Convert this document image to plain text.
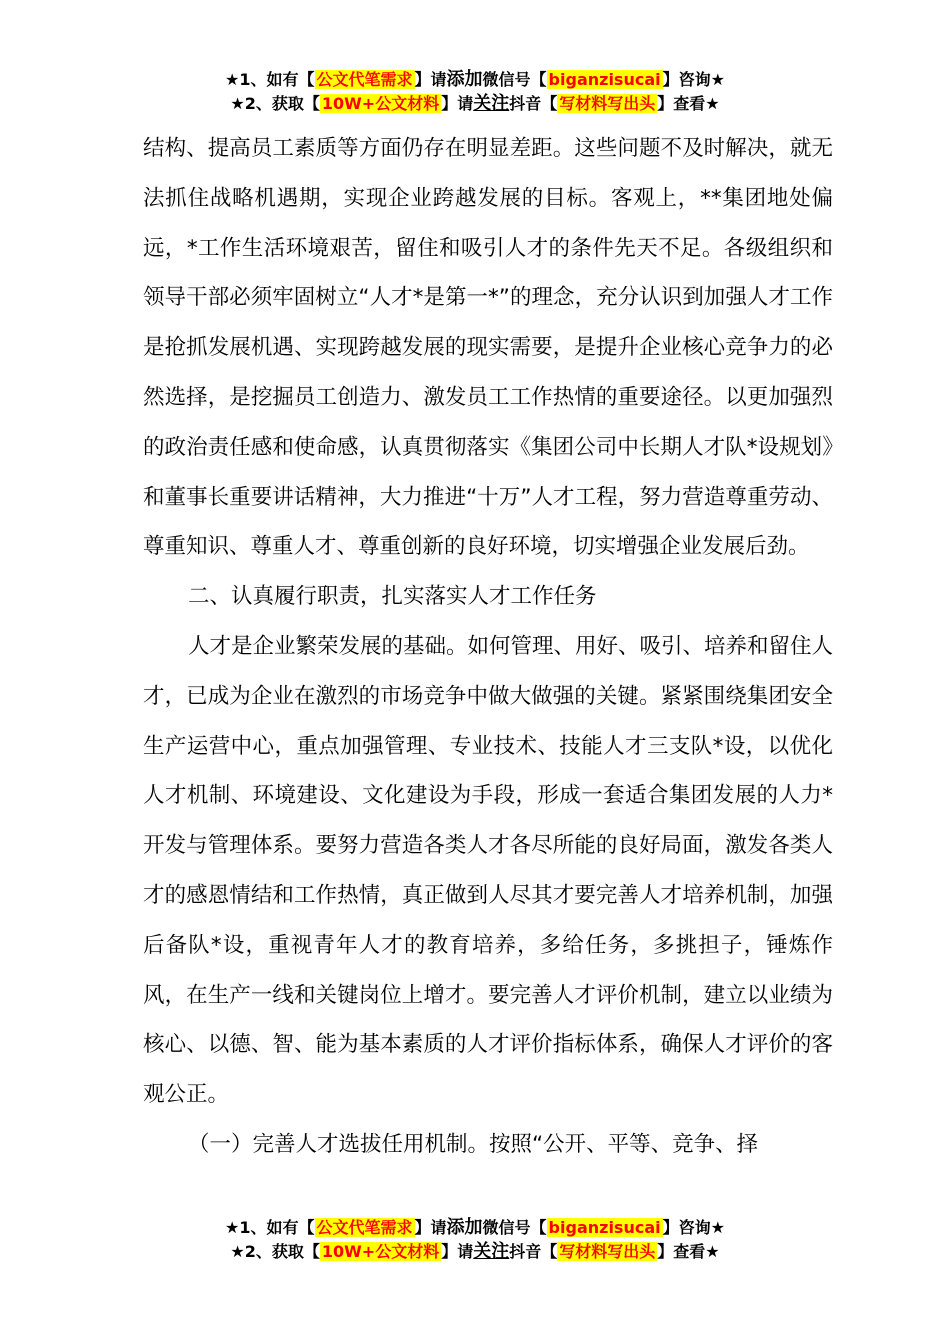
★1、如有【 公文代笔需求 】请添加微信号【 biganzisucai 】咨询★
★2、获取【 10W+公文材料 】请关注抖音【 写材料写出头 】查看★

结构、提高员工素质等方面仍存在明显差距。这些问题不及时解决，就无法抓住战略机遇期，实现企业跨越发展的目标。客观上，**集团地处偏远，*工作生活环境艰苦，留住和吸引人才的条件先天不足。各级组织和领导干部必须牢固树立“人才*是第一*”的理念，充分认识到加强人才工作是抢抓发展机遇、实现跨越发展的现实需要，是提升企业核心竞争力的必然选择，是挖掘员工创造力、激发员工工作热情的重要途径。以更加强烈的政治责任感和使命感，认真贯彻落实《集团公司中长期人才队*设规划》和董事长重要讲话精神，大力推进“十万”人才工程，努力营造尊重劳动、尊重知识、尊重人才、尊重创新的良好环境，切实增强企业发展后劲。

二、认真履行职责，扎实落实人才工作任务

人才是企业繁荣发展的基础。如何管理、用好、吸引、培养和留住人才，已成为企业在激烈的市场竞争中做大做强的关键。紧紧围绕集团安全生产运营中心，重点加强管理、专业技术、技能人才三支队*设，以优化人才机制、环境建设、文化建设为手段，形成一套适合集团发展的人力*开发与管理体系。要努力营造各类人才各尽所能的良好局面，激发各类人才的感恩情结和工作热情，真正做到人尽其才要完善人才培养机制，加强后备队*设，重视青年人才的教育培养，多给任务，多挑担子，锤炼作风，在生产一线和关键岗位上增才。要完善人才评价机制，建立以业绩为核心、以德、智、能为基本素质的人才评价指标体系，确保人才评价的客观公正。

（一）完善人才选拔任用机制。按照“公开、平等、竞争、择

★1、如有【 公文代笔需求 】请添加微信号【 biganzisucai 】咨询★
★2、获取【 10W+公文材料 】请关注抖音【 写材料写出头 】查看★
